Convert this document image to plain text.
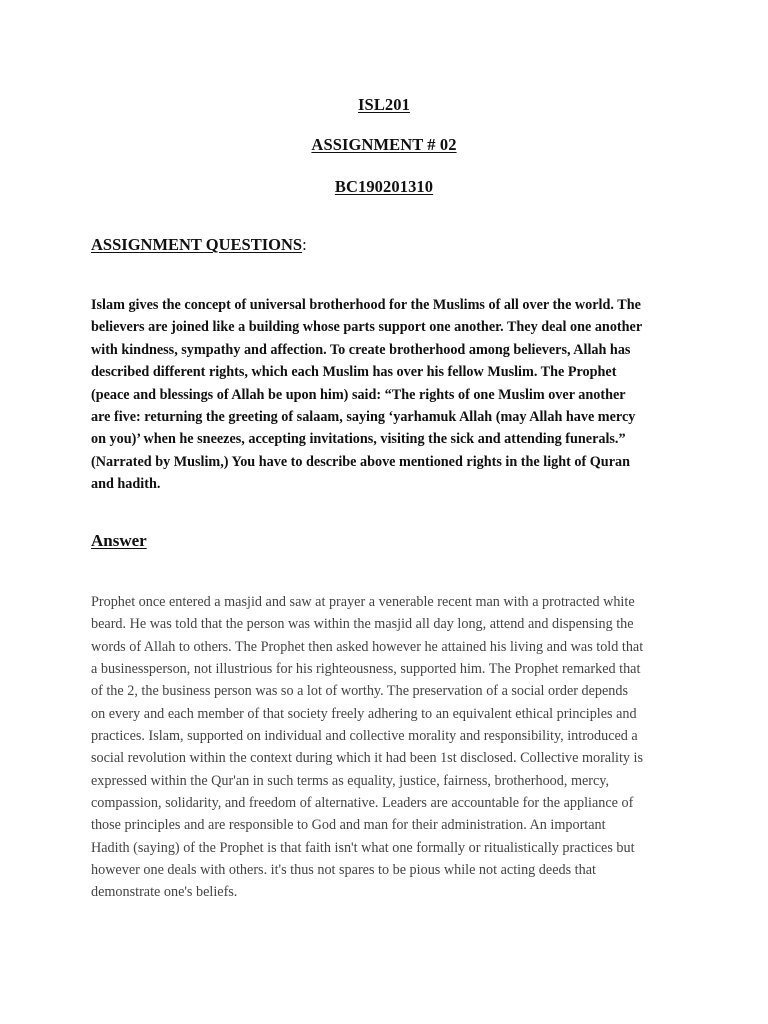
ISL201
ASSIGNMENT # 02
BC190201310
ASSIGNMENT QUESTIONS:
Islam gives the concept of universal brotherhood for the Muslims of all over the world. The
believers are joined like a building whose parts support one another. They deal one another
with kindness, sympathy and affection. To create brotherhood among believers, Allah has
described different rights, which each Muslim has over his fellow Muslim. The Prophet
(peace and blessings of Allah be upon him) said: “The rights of one Muslim over another
are five: returning the greeting of salaam, saying ‘yarhamuk Allah (may Allah have mercy
on you)’ when he sneezes, accepting invitations, visiting the sick and attending funerals.”
(Narrated by Muslim,) You have to describe above mentioned rights in the light of Quran
and hadith.
Answer
Prophet once entered a masjid and saw at prayer a venerable recent man with a protracted white
beard. He was told that the person was within the masjid all day long, attend and dispensing the
words of Allah to others. The Prophet then asked however he attained his living and was told that
a businessperson, not illustrious for his righteousness, supported him. The Prophet remarked that
of the 2, the business person was so a lot of worthy. The preservation of a social order depends
on every and each member of that society freely adhering to an equivalent ethical principles and
practices. Islam, supported on individual and collective morality and responsibility, introduced a
social revolution within the context during which it had been 1st disclosed. Collective morality is
expressed within the Qur'an in such terms as equality, justice, fairness, brotherhood, mercy,
compassion, solidarity, and freedom of alternative. Leaders are accountable for the appliance of
those principles and are responsible to God and man for their administration. An important
Hadith (saying) of the Prophet is that faith isn't what one formally or ritualistically practices but
however one deals with others. it's thus not spares to be pious while not acting deeds that
demonstrate one's beliefs.
